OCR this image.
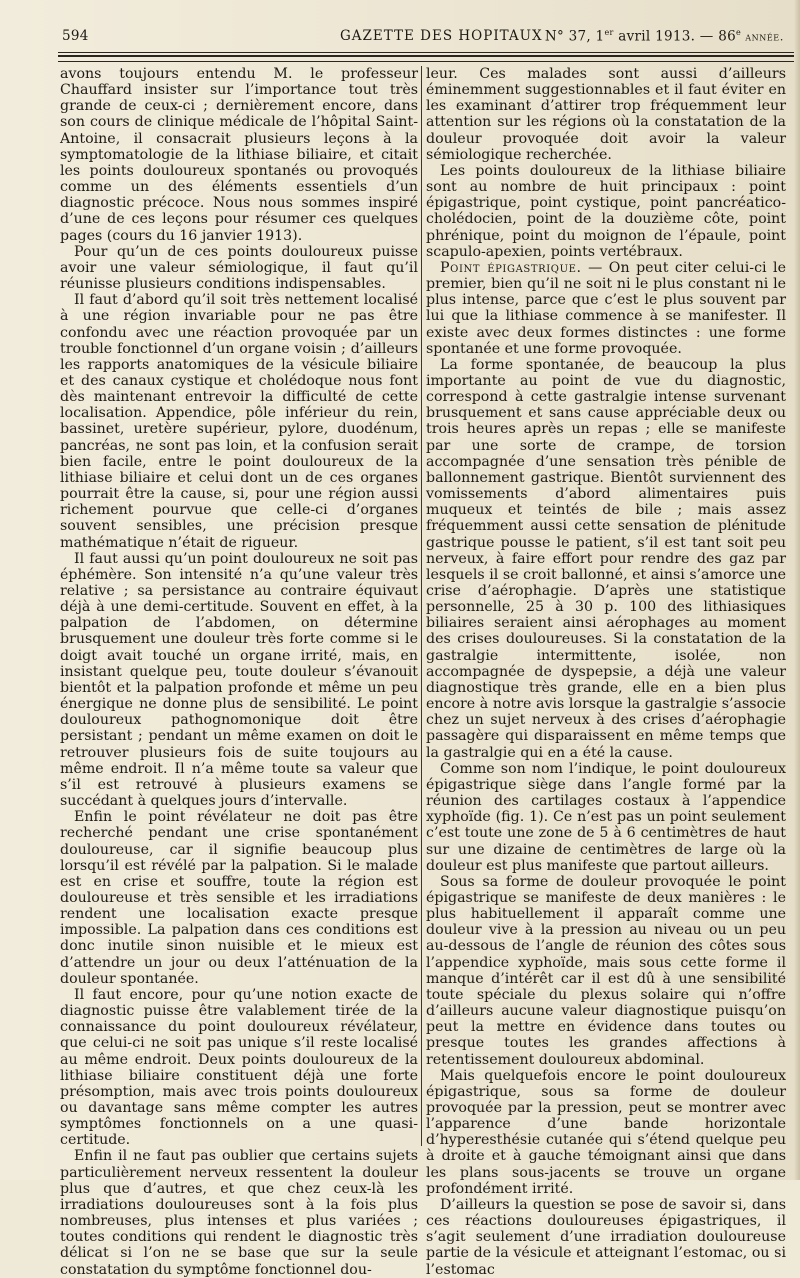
594	GAZETTE DES HOPITAUX N° 37, 1er avril 1913. — 86e année.

avons toujours entendu M. le professeur Chauffard insister sur l’importance tout très grande de ceux-ci ; dernièrement encore, dans son cours de clinique médicale de l’hôpital Saint-Antoine, il consacrait plusieurs leçons à la symptomatologie de la lithiase biliaire, et citait les points douloureux spontanés ou provoqués comme un des éléments essentiels d’un diagnostic précoce. Nous nous sommes inspiré d’une de ces leçons pour résumer ces quelques pages (cours du 16 janvier 1913).

Pour qu’un de ces points douloureux puisse avoir une valeur sémiologique, il faut qu’il réunisse plusieurs conditions indispensables.

Il faut d’abord qu’il soit très nettement localisé à une région invariable pour ne pas être confondu avec une réaction provoquée par un trouble fonctionnel d’un organe voisin ; d’ailleurs les rapports anatomiques de la vésicule biliaire et des canaux cystique et cholédoque nous font dès maintenant entrevoir la difficulté de cette localisation. Appendice, pôle inférieur du rein, bassinet, uretère supérieur, pylore, duodénum, pancréas, ne sont pas loin, et la confusion serait bien facile, entre le point douloureux de la lithiase biliaire et celui dont un de ces organes pourrait être la cause, si, pour une région aussi richement pourvue que celle-ci d’organes souvent sensibles, une précision presque mathématique n’était de rigueur.

Il faut aussi qu’un point douloureux ne soit pas éphémère. Son intensité n’a qu’une valeur très relative ; sa persistance au contraire équivaut déjà à une demi-certitude. Souvent en effet, à la palpation de l’abdomen, on détermine brusquement une douleur très forte comme si le doigt avait touché un organe irrité, mais, en insistant quelque peu, toute douleur s’évanouit bientôt et la palpation profonde et même un peu énergique ne donne plus de sensibilité. Le point douloureux pathognomonique doit être persistant ; pendant un même examen on doit le retrouver plusieurs fois de suite toujours au même endroit. Il n’a même toute sa valeur que s’il est retrouvé à plusieurs examens se succédant à quelques jours d’intervalle.

Enfin le point révélateur ne doit pas être recherché pendant une crise spontanément douloureuse, car il signifie beaucoup plus lorsqu’il est révélé par la palpation. Si le malade est en crise et souffre, toute la région est douloureuse et très sensible et les irradiations rendent une localisation exacte presque impossible. La palpation dans ces conditions est donc inutile sinon nuisible et le mieux est d’attendre un jour ou deux l’atténuation de la douleur spontanée.

Il faut encore, pour qu’une notion exacte de diagnostic puisse être valablement tirée de la connaissance du point douloureux révélateur, que celui-ci ne soit pas unique s’il reste localisé au même endroit. Deux points douloureux de la lithiase biliaire constituent déjà une forte présomption, mais avec trois points douloureux ou davantage sans même compter les autres symptômes fonctionnels on a une quasi-certitude.

Enfin il ne faut pas oublier que certains sujets particulièrement nerveux ressentent la douleur plus que d’autres, et que chez ceux-là les irradiations douloureuses sont à la fois plus nombreuses, plus intenses et plus variées ; toutes conditions qui rendent le diagnostic très délicat si l’on ne se base que sur la seule constatation du symptôme fonctionnel dou-

leur. Ces malades sont aussi d’ailleurs éminemment suggestionnables et il faut éviter en les examinant d’attirer trop fréquemment leur attention sur les régions où la constatation de la douleur provoquée doit avoir la valeur sémiologique recherchée.

Les points douloureux de la lithiase biliaire sont au nombre de huit principaux : point épigastrique, point cystique, point pancréatico-cholédocien, point de la douzième côte, point phrénique, point du moignon de l’épaule, point scapulo-apexien, points vertébraux.

Point épigastrique. — On peut citer celui-ci le premier, bien qu’il ne soit ni le plus constant ni le plus intense, parce que c’est le plus souvent par lui que la lithiase commence à se manifester. Il existe avec deux formes distinctes : une forme spontanée et une forme provoquée.

La forme spontanée, de beaucoup la plus importante au point de vue du diagnostic, correspond à cette gastralgie intense survenant brusquement et sans cause appréciable deux ou trois heures après un repas ; elle se manifeste par une sorte de crampe, de torsion accompagnée d’une sensation très pénible de ballonnement gastrique. Bientôt surviennent des vomissements d’abord alimentaires puis muqueux et teintés de bile ; mais assez fréquemment aussi cette sensation de plénitude gastrique pousse le patient, s’il est tant soit peu nerveux, à faire effort pour rendre des gaz par lesquels il se croit ballonné, et ainsi s’amorce une crise d’aérophagie. D’après une statistique personnelle, 25 à 30 p. 100 des lithiasiques biliaires seraient ainsi aérophages au moment des crises douloureuses. Si la constatation de la gastralgie intermittente, isolée, non accompagnée de dyspepsie, a déjà une valeur diagnostique très grande, elle en a bien plus encore à notre avis lorsque la gastralgie s’associe chez un sujet nerveux à des crises d’aérophagie passagère qui disparaissent en même temps que la gastralgie qui en a été la cause.

Comme son nom l’indique, le point douloureux épigastrique siège dans l’angle formé par la réunion des cartilages costaux à l’appendice xyphoïde (fig. 1). Ce n’est pas un point seulement c’est toute une zone de 5 à 6 centimètres de haut sur une dizaine de centimètres de large où la douleur est plus manifeste que partout ailleurs.

Sous sa forme de douleur provoquée le point épigastrique se manifeste de deux manières : le plus habituellement il apparaît comme une douleur vive à la pression au niveau ou un peu au-dessous de l’angle de réunion des côtes sous l’appendice xyphoïde, mais sous cette forme il manque d’intérêt car il est dû à une sensibilité toute spéciale du plexus solaire qui n’offre d’ailleurs aucune valeur diagnostique puisqu’on peut la mettre en évidence dans toutes ou presque toutes les grandes affections à retentissement douloureux abdominal.

Mais quelquefois encore le point douloureux épigastrique, sous sa forme de douleur provoquée par la pression, peut se montrer avec l’apparence d’une bande horizontale d’hyperesthésie cutanée qui s’étend quelque peu à droite et à gauche témoignant ainsi que dans les plans sous-jacents se trouve un organe profondément irrité.

D’ailleurs la question se pose de savoir si, dans ces réactions douloureuses épigastriques, il s’agit seulement d’une irradiation douloureuse partie de la vésicule et atteignant l’estomac, ou si l’estomac
